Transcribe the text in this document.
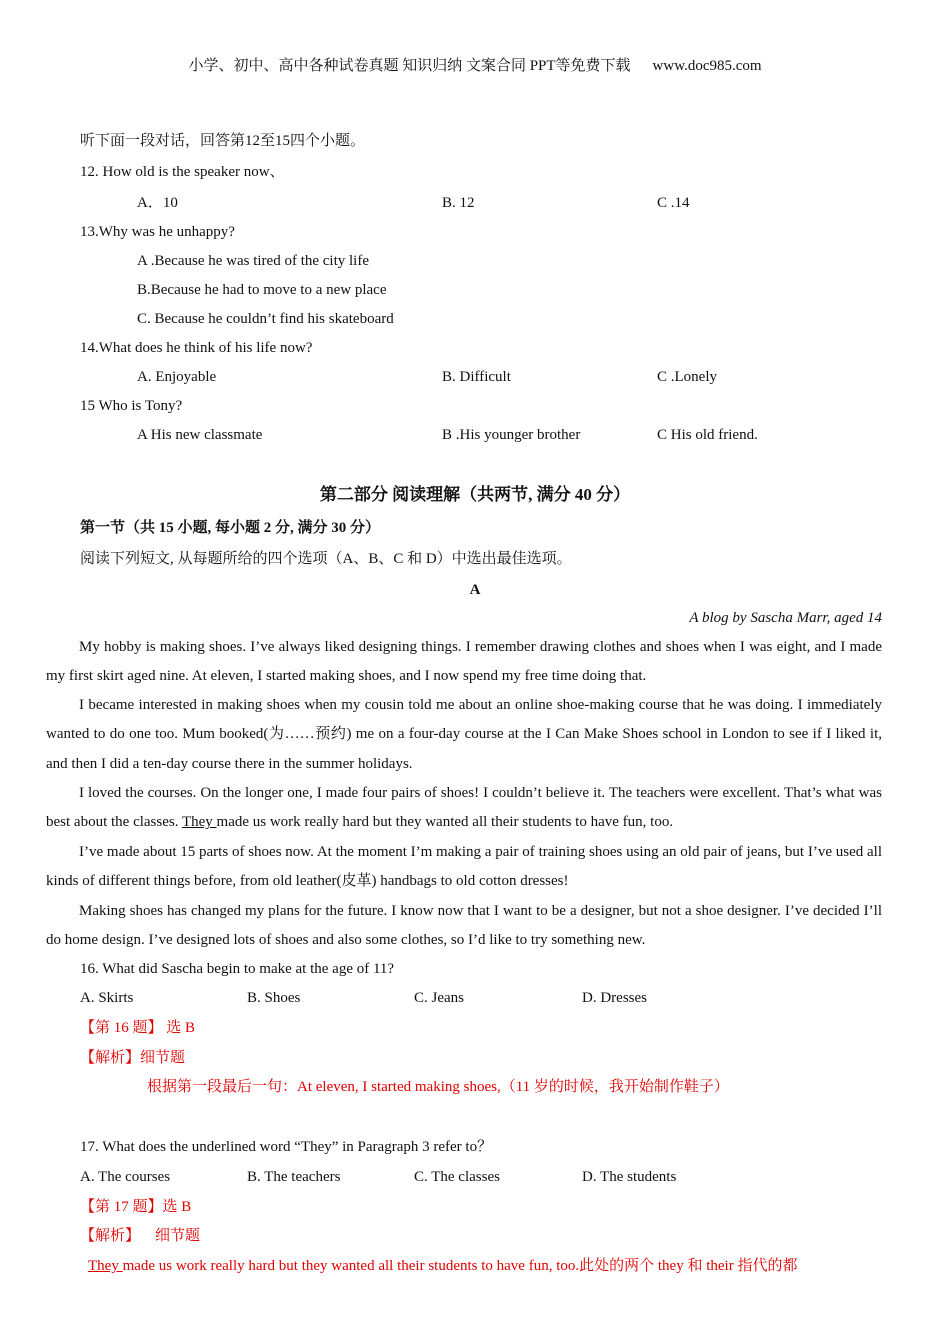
小学、初中、高中各种试卷真题 知识归纳 文案合同 PPT等免费下载 www.doc985.com
听下面一段对话，回答第12至15四个小题。
12. How old is the speaker now、
A．10	B. 12	C .14
13.Why was he unhappy?
A .Because he was tired of the city life
B.Because he had to move to a new place
C. Because he couldn’t find his skateboard
14.What does he think of his life now?
A. Enjoyable	B. Difficult	C .Lonely
15 Who is Tony?
A His new classmate	B .His younger brother	C His old friend.
第二部分 阅读理解（共两节, 满分 40 分）
第一节（共 15 小题, 每小题 2 分, 满分 30 分）
阅读下列短文, 从每题所给的四个选项（A、B、C 和 D）中选出最佳选项。
A
A blog by Sascha Marr, aged 14
My hobby is making shoes. I’ve always liked designing things. I remember drawing clothes and shoes when I was eight, and I made my first skirt aged nine. At eleven, I started making shoes, and I now spend my free time doing that.
I became interested in making shoes when my cousin told me about an online shoe-making course that he was doing. I immediately wanted to do one too. Mum booked(为……预约) me on a four-day course at the I Can Make Shoes school in London to see if I liked it, and then I did a ten-day course there in the summer holidays.
I loved the courses. On the longer one, I made four pairs of shoes! I couldn’t believe it. The teachers were excellent. That’s what was best about the classes. They made us work really hard but they wanted all their students to have fun, too.
I’ve made about 15 parts of shoes now. At the moment I’m making a pair of training shoes using an old pair of jeans, but I’ve used all kinds of different things before, from old leather(皮革) handbags to old cotton dresses!
Making shoes has changed my plans for the future. I know now that I want to be a designer, but not a shoe designer. I’ve decided I’ll do home design. I’ve designed lots of shoes and also some clothes, so I’d like to try something new.
16. What did Sascha begin to make at the age of 11?
A. Skirts	B. Shoes	C. Jeans	D. Dresses
【第 16 题】 选 B
【解析】细节题
根据第一段最后一句：At eleven, I started making shoes,（11 岁的时候，我开始制作鞋子）
17. What does the underlined word “They” in Paragraph 3 refer to？
A. The courses	B. The teachers	C. The classes	D. The students
【第 17 题】选 B
【解析】    细节题
They made us work really hard but they wanted all their students to have fun, too.此处的两个 they 和 their 指代的都
